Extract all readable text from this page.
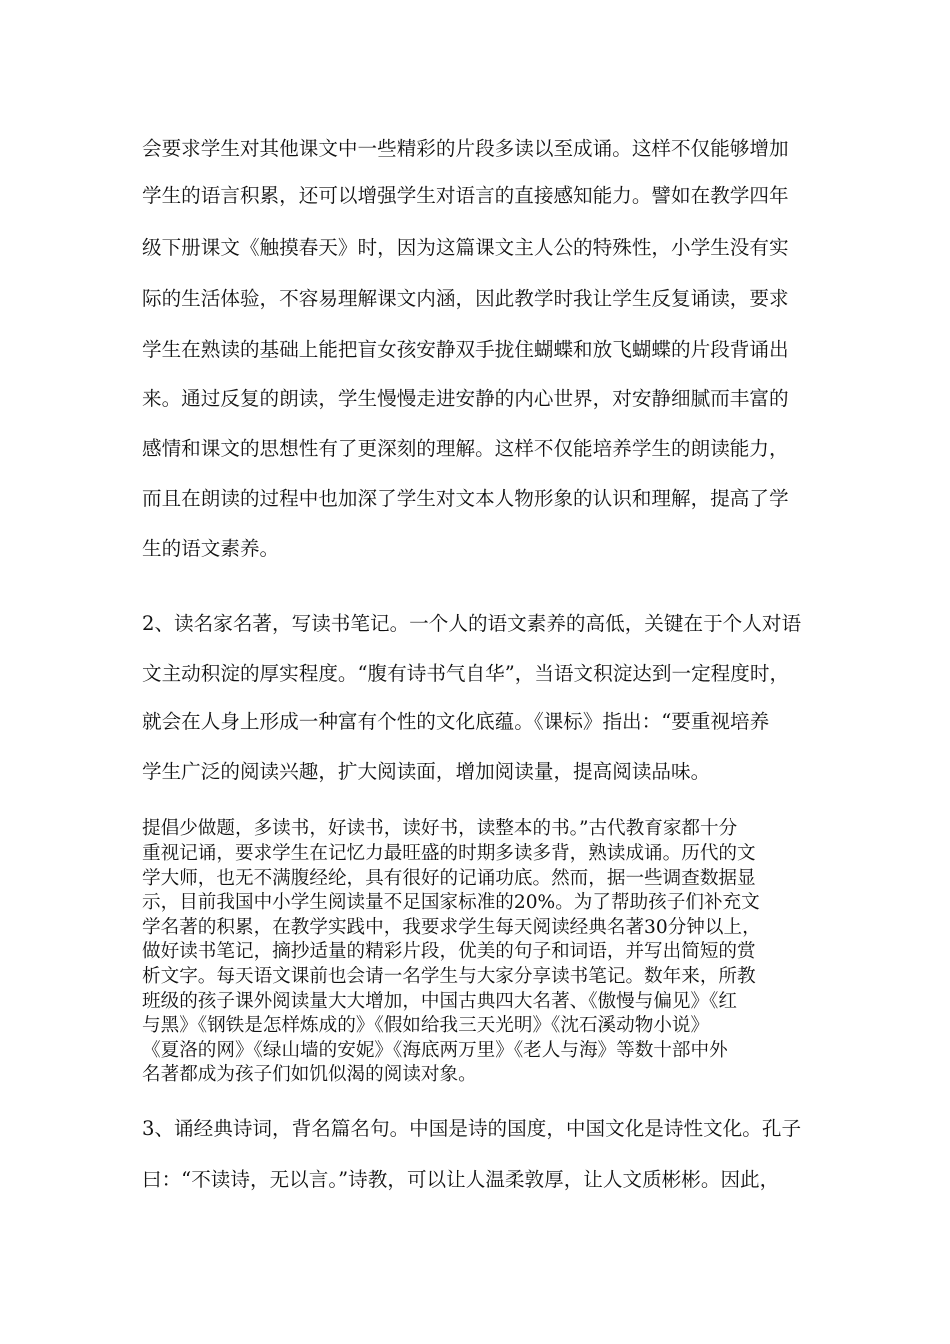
会要求学生对其他课文中一些精彩的片段多读以至成诵。这样不仅能够增加
学生的语言积累，还可以增强学生对语言的直接感知能力。譬如在教学四年
级下册课文《触摸春天》时，因为这篇课文主人公的特殊性，小学生没有实
际的生活体验，不容易理解课文内涵，因此教学时我让学生反复诵读，要求
学生在熟读的基础上能把盲女孩安静双手拢住蝴蝶和放飞蝴蝶的片段背诵出
来。通过反复的朗读，学生慢慢走进安静的内心世界，对安静细腻而丰富的
感情和课文的思想性有了更深刻的理解。这样不仅能培养学生的朗读能力，
而且在朗读的过程中也加深了学生对文本人物形象的认识和理解，提高了学
生的语文素养。
2、读名家名著，写读书笔记。一个人的语文素养的高低，关键在于个人对语
文主动积淀的厚实程度。“腹有诗书气自华”，当语文积淀达到一定程度时，
就会在人身上形成一种富有个性的文化底蕴。《课标》指出：“要重视培养
学生广泛的阅读兴趣，扩大阅读面，增加阅读量，提高阅读品味。
提倡少做题，多读书，好读书，读好书，读整本的书。”古代教育家都十分
重视记诵，要求学生在记忆力最旺盛的时期多读多背，熟读成诵。历代的文
学大师，也无不满腹经纶，具有很好的记诵功底。然而，据一些调查数据显
示，目前我国中小学生阅读量不足国家标准的20%。为了帮助孩子们补充文
学名著的积累，在教学实践中，我要求学生每天阅读经典名著30分钟以上，
做好读书笔记，摘抄适量的精彩片段，优美的句子和词语，并写出简短的赏
析文字。每天语文课前也会请一名学生与大家分享读书笔记。数年来，所教
班级的孩子课外阅读量大大增加，中国古典四大名著、《傲慢与偏见》《红
与黑》《钢铁是怎样炼成的》《假如给我三天光明》《沈石溪动物小说》
《夏洛的网》《绿山墙的安妮》《海底两万里》《老人与海》等数十部中外
名著都成为孩子们如饥似渴的阅读对象。
3、诵经典诗词，背名篇名句。中国是诗的国度，中国文化是诗性文化。孔子
曰：“不读诗，无以言。”诗教，可以让人温柔敦厚，让人文质彬彬。因此，
